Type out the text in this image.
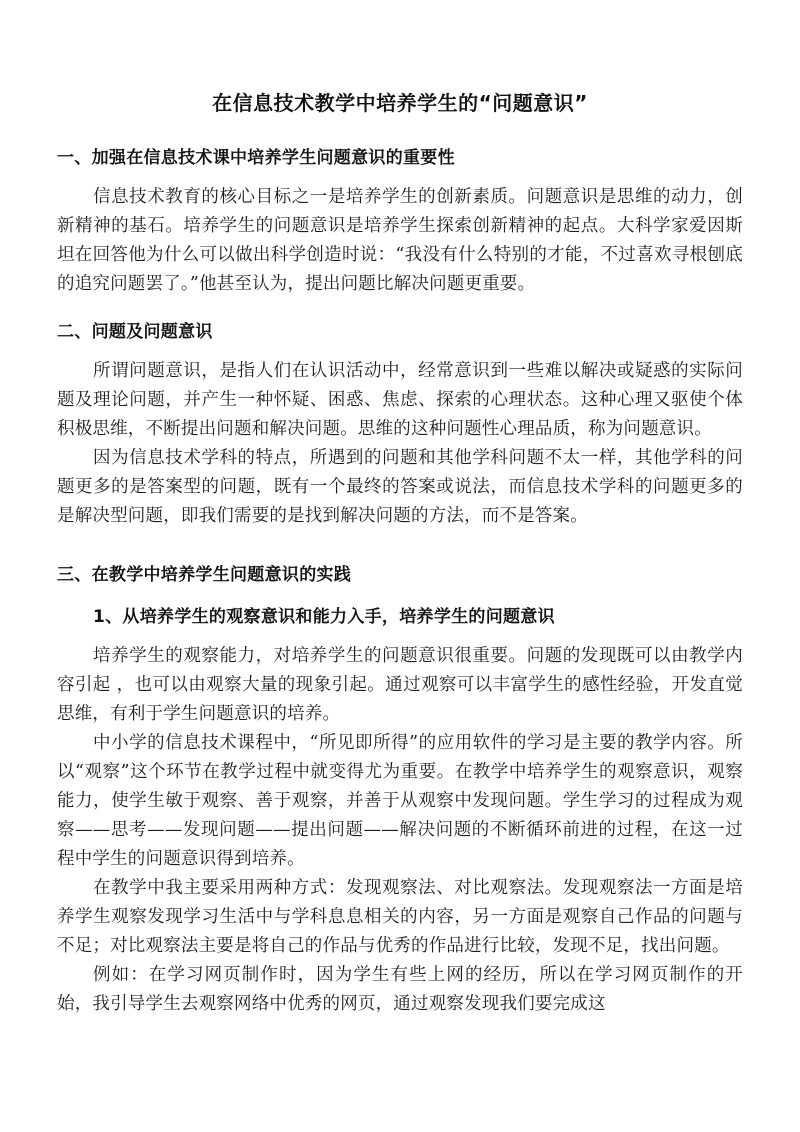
在信息技术教学中培养学生的“问题意识”
一、加强在信息技术课中培养学生问题意识的重要性

信息技术教育的核心目标之一是培养学生的创新素质。问题意识是思维的动力，创新精神的基石。培养学生的问题意识是培养学生探索创新精神的起点。大科学家爱因斯坦在回答他为什么可以做出科学创造时说：“我没有什么特别的才能，不过喜欢寻根刨底的追究问题罢了。”他甚至认为，提出问题比解决问题更重要。

二、问题及问题意识

所谓问题意识，是指人们在认识活动中，经常意识到一些难以解决或疑惑的实际问题及理论问题，并产生一种怀疑、困惑、焦虑、探索的心理状态。这种心理又驱使个体积极思维，不断提出问题和解决问题。思维的这种问题性心理品质，称为问题意识。

因为信息技术学科的特点，所遇到的问题和其他学科问题不太一样，其他学科的问题更多的是答案型的问题，既有一个最终的答案或说法，而信息技术学科的问题更多的是解决型问题，即我们需要的是找到解决问题的方法，而不是答案。

三、在教学中培养学生问题意识的实践
1、从培养学生的观察意识和能力入手，培养学生的问题意识

培养学生的观察能力，对培养学生的问题意识很重要。问题的发现既可以由教学内容引起 ，也可以由观察大量的现象引起。通过观察可以丰富学生的感性经验，开发直觉思维，有利于学生问题意识的培养。

中小学的信息技术课程中，“所见即所得”的应用软件的学习是主要的教学内容。所以“观察”这个环节在教学过程中就变得尤为重要。在教学中培养学生的观察意识，观察能力，使学生敏于观察、善于观察，并善于从观察中发现问题。学生学习的过程成为观察——思考——发现问题——提出问题——解决问题的不断循环前进的过程，在这一过程中学生的问题意识得到培养。

在教学中我主要采用两种方式：发现观察法、对比观察法。发现观察法一方面是培养学生观察发现学习生活中与学科息息相关的内容，另一方面是观察自己作品的问题与不足；对比观察法主要是将自己的作品与优秀的作品进行比较，发现不足，找出问题。

例如：在学习网页制作时，因为学生有些上网的经历，所以在学习网页制作的开始，我引导学生去观察网络中优秀的网页，通过观察发现我们要完成这
